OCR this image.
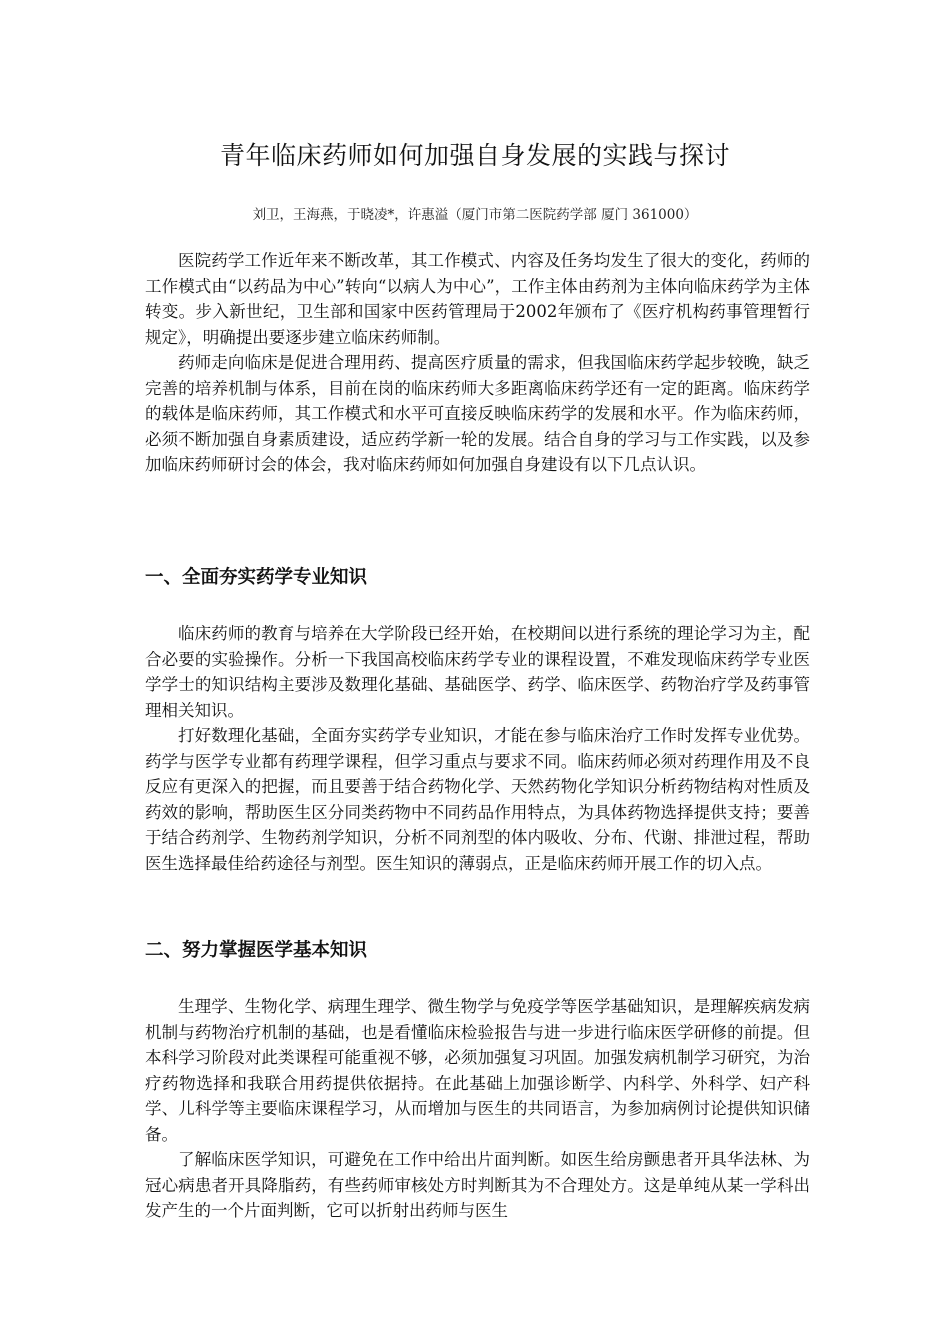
青年临床药师如何加强自身发展的实践与探讨
刘卫，王海燕，于晓凌*，许惠溢（厦门市第二医院药学部 厦门 361000）

医院药学工作近年来不断改革，其工作模式、内容及任务均发生了很大的变化，药师的工作模式由“以药品为中心”转向“以病人为中心”，工作主体由药剂为主体向临床药学为主体转变。步入新世纪，卫生部和国家中医药管理局于2002年颁布了《医疗机构药事管理暂行规定》，明确提出要逐步建立临床药师制。

药师走向临床是促进合理用药、提高医疗质量的需求，但我国临床药学起步较晚，缺乏完善的培养机制与体系，目前在岗的临床药师大多距离临床药学还有一定的距离。临床药学的载体是临床药师，其工作模式和水平可直接反映临床药学的发展和水平。作为临床药师，必须不断加强自身素质建设，适应药学新一轮的发展。结合自身的学习与工作实践，以及参加临床药师研讨会的体会，我对临床药师如何加强自身建设有以下几点认识。

一、全面夯实药学专业知识

临床药师的教育与培养在大学阶段已经开始，在校期间以进行系统的理论学习为主，配合必要的实验操作。分析一下我国高校临床药学专业的课程设置，不难发现临床药学专业医学学士的知识结构主要涉及数理化基础、基础医学、药学、临床医学、药物治疗学及药事管理相关知识。

打好数理化基础，全面夯实药学专业知识，才能在参与临床治疗工作时发挥专业优势。药学与医学专业都有药理学课程，但学习重点与要求不同。临床药师必须对药理作用及不良反应有更深入的把握，而且要善于结合药物化学、天然药物化学知识分析药物结构对性质及药效的影响，帮助医生区分同类药物中不同药品作用特点，为具体药物选择提供支持；要善于结合药剂学、生物药剂学知识，分析不同剂型的体内吸收、分布、代谢、排泄过程，帮助医生选择最佳给药途径与剂型。医生知识的薄弱点，正是临床药师开展工作的切入点。

二、努力掌握医学基本知识

生理学、生物化学、病理生理学、微生物学与免疫学等医学基础知识，是理解疾病发病机制与药物治疗机制的基础，也是看懂临床检验报告与进一步进行临床医学研修的前提。但本科学习阶段对此类课程可能重视不够，必须加强复习巩固。加强发病机制学习研究，为治疗药物选择和我联合用药提供依据持。在此基础上加强诊断学、内科学、外科学、妇产科学、儿科学等主要临床课程学习，从而增加与医生的共同语言，为参加病例讨论提供知识储备。

了解临床医学知识，可避免在工作中给出片面判断。如医生给房颤患者开具华法林、为冠心病患者开具降脂药，有些药师审核处方时判断其为不合理处方。这是单纯从某一学科出发产生的一个片面判断，它可以折射出药师与医生
